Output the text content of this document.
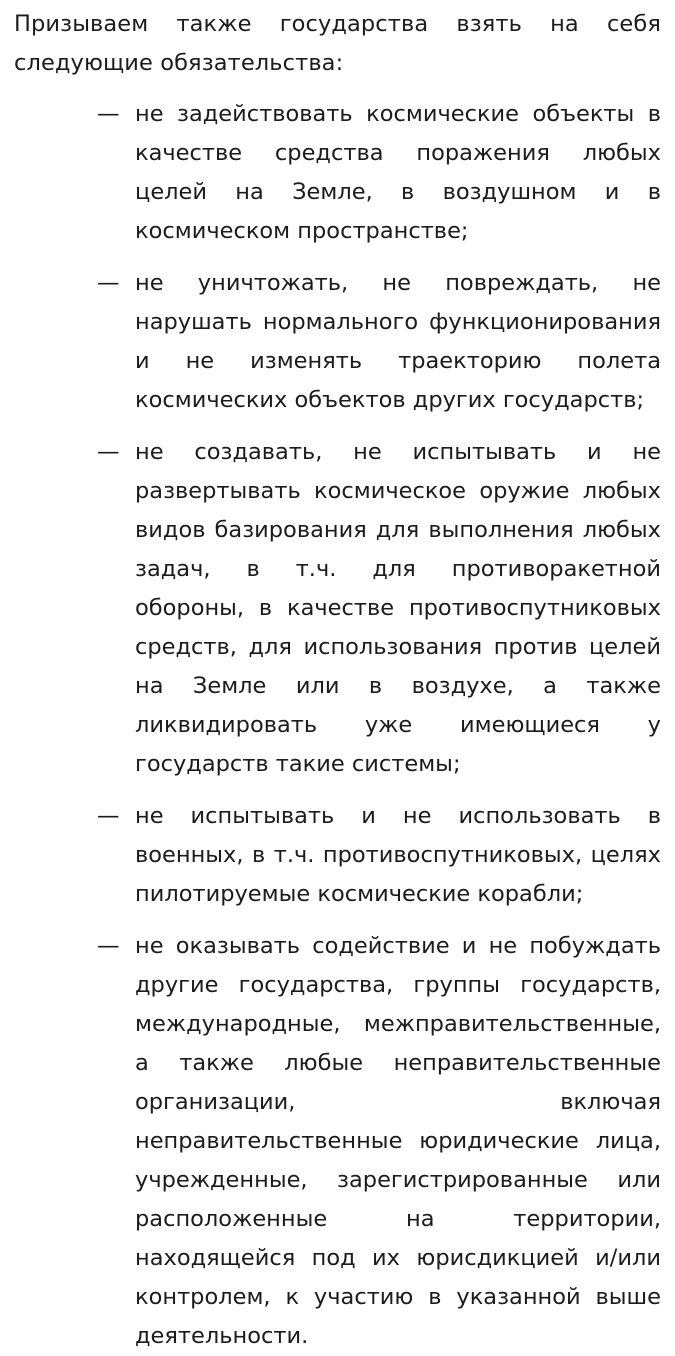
Призываем также государства взять на себя следующие обязательства:

— не задействовать космические объекты в качестве средства поражения любых целей на Земле, в воздушном и в космическом пространстве;
— не уничтожать, не повреждать, не нарушать нормального функционирования и не изменять траекторию полета космических объектов других государств;
— не создавать, не испытывать и не развертывать космическое оружие любых видов базирования для выполнения любых задач, в т.ч. для противоракетной обороны, в качестве противоспутниковых средств, для использования против целей на Земле или в воздухе, а также ликвидировать уже имеющиеся у государств такие системы;
— не испытывать и не использовать в военных, в т.ч. противоспутниковых, целях пилотируемые космические корабли;
— не оказывать содействие и не побуждать другие государства, группы государств, международные, межправительственные, а также любые неправительственные организации, включая неправительственные юридические лица, учрежденные, зарегистрированные или расположенные на территории, находящейся под их юрисдикцией и/или контролем, к участию в указанной выше деятельности.
